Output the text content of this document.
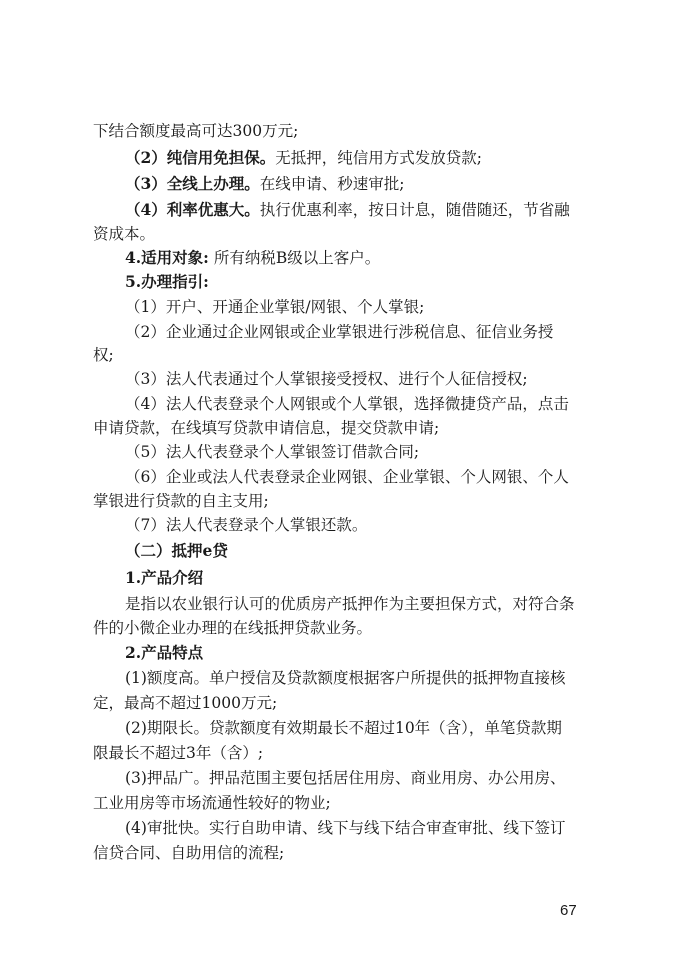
下结合额度最高可达300万元;
（2）纯信用免担保。无抵押，纯信用方式发放贷款;
（3）全线上办理。在线申请、秒速审批;
（4）利率优惠大。执行优惠利率，按日计息，随借随还，节省融
资成本。
4.适用对象: 所有纳税B级以上客户。
5.办理指引:
（1）开户、开通企业掌银/网银、个人掌银;
（2）企业通过企业网银或企业掌银进行涉税信息、征信业务授
权;
（3）法人代表通过个人掌银接受授权、进行个人征信授权;
（4）法人代表登录个人网银或个人掌银，选择微捷贷产品，点击
申请贷款，在线填写贷款申请信息，提交贷款申请;
（5）法人代表登录个人掌银签订借款合同;
（6）企业或法人代表登录企业网银、企业掌银、个人网银、个人
掌银进行贷款的自主支用;
（7）法人代表登录个人掌银还款。
（二）抵押e贷
1.产品介绍
是指以农业银行认可的优质房产抵押作为主要担保方式，对符合条
件的小微企业办理的在线抵押贷款业务。
2.产品特点
(1)额度高。单户授信及贷款额度根据客户所提供的抵押物直接核
定，最高不超过1000万元;
(2)期限长。贷款额度有效期最长不超过10年（含），单笔贷款期
限最长不超过3年（含）;
(3)押品广。押品范围主要包括居住用房、商业用房、办公用房、
工业用房等市场流通性较好的物业;
(4)审批快。实行自助申请、线下与线下结合审查审批、线下签订
信贷合同、自助用信的流程;
67
